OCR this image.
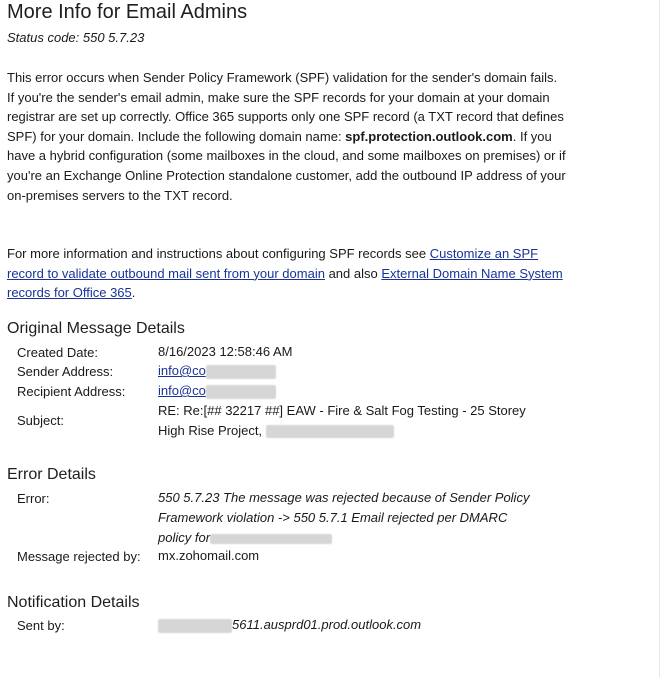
More Info for Email Admins
Status code: 550 5.7.23
This error occurs when Sender Policy Framework (SPF) validation for the sender's domain fails. If you're the sender's email admin, make sure the SPF records for your domain at your domain registrar are set up correctly. Office 365 supports only one SPF record (a TXT record that defines SPF) for your domain. Include the following domain name: spf.protection.outlook.com. If you have a hybrid configuration (some mailboxes in the cloud, and some mailboxes on premises) or if you're an Exchange Online Protection standalone customer, add the outbound IP address of your on-premises servers to the TXT record.
For more information and instructions about configuring SPF records see Customize an SPF record to validate outbound mail sent from your domain and also External Domain Name System records for Office 365.
Original Message Details
Created Date:	8/16/2023 12:58:46 AM
Sender Address:	info@co
Recipient Address:	info@co
Subject:
RE: Re:[## 32217 ##] EAW - Fire & Salt Fog Testing - 25 Storey
High Rise Project,
Error Details
Error:	550 5.7.23 The message was rejected because of Sender Policy
Framework violation -> 550 5.7.1 Email rejected per DMARC
policy for
Message rejected by: mx.zohomail.com
Notification Details
Sent by:	5611.ausprd01.prod.outlook.com
